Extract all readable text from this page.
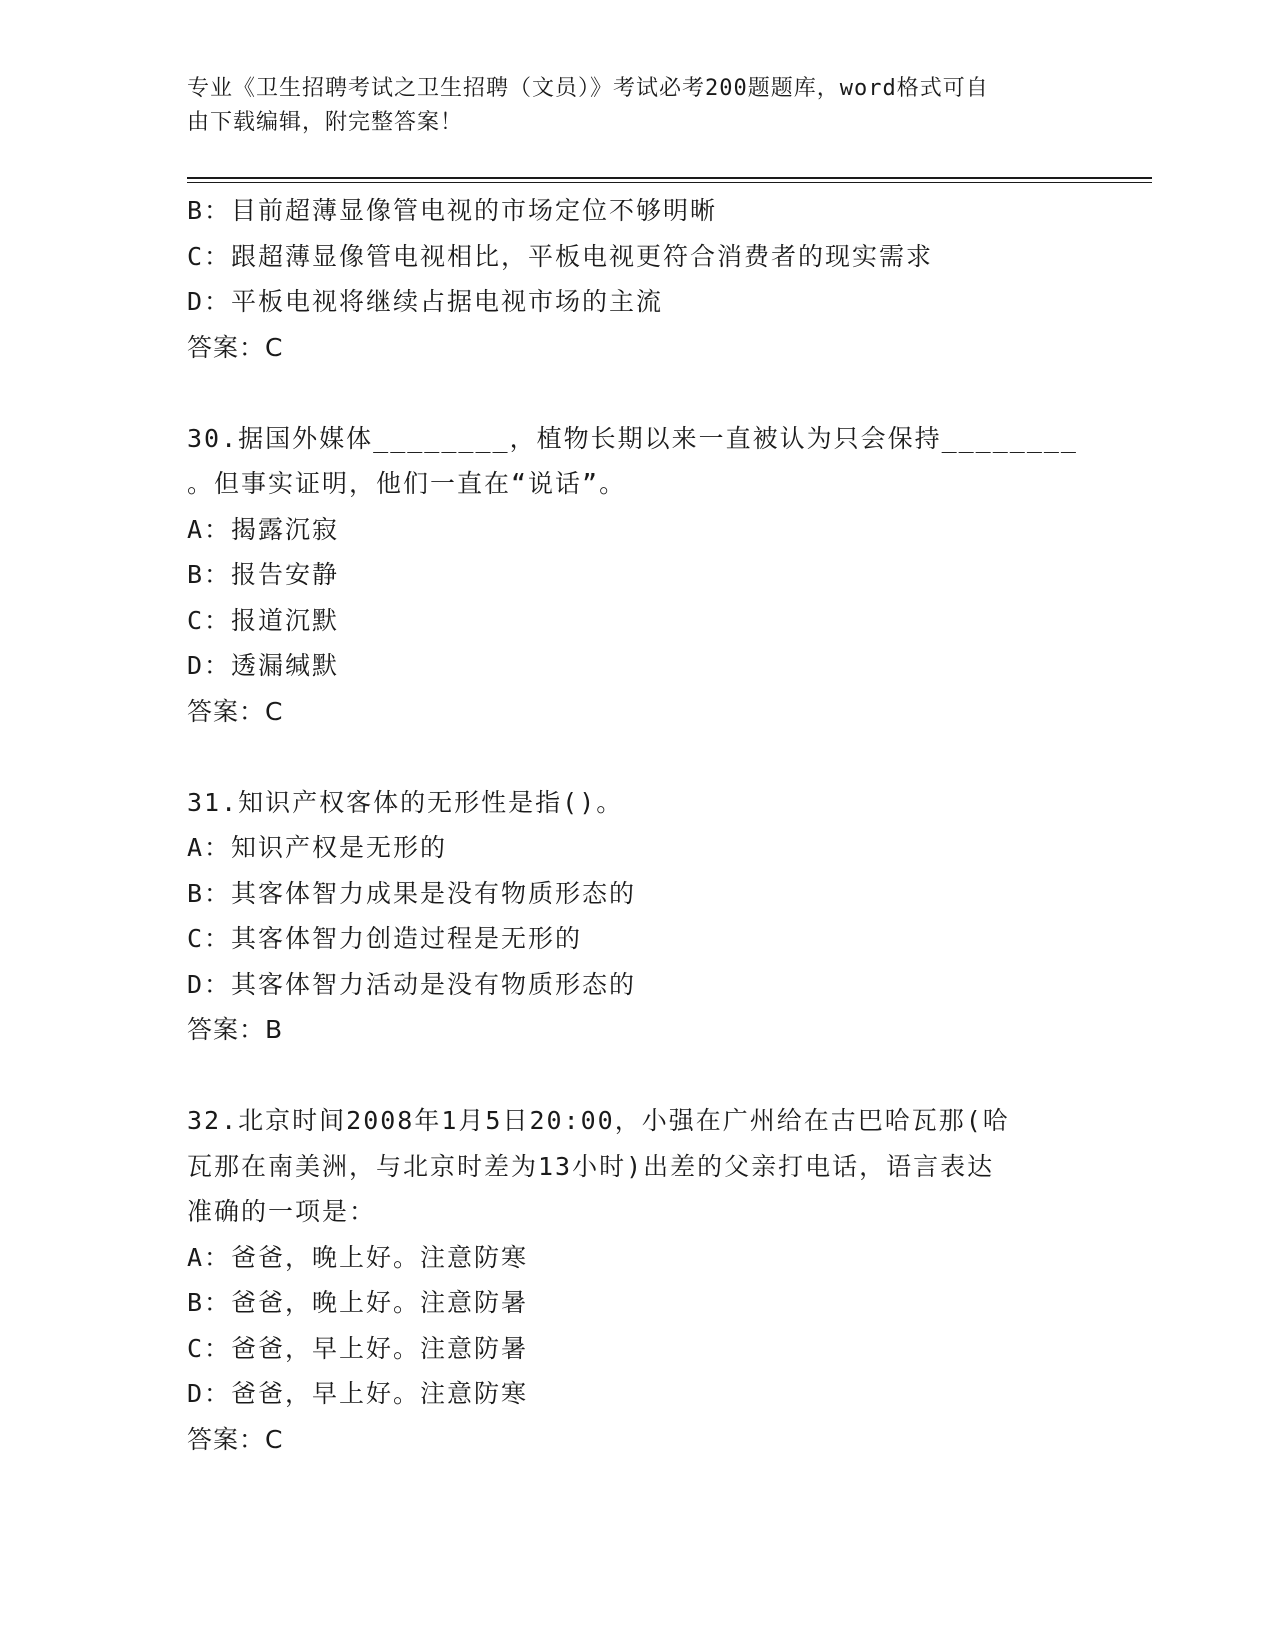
专业《卫生招聘考试之卫生招聘（文员）》考试必考200题题库，word格式可自
由下载编辑，附完整答案！
B：目前超薄显像管电视的市场定位不够明晰
C：跟超薄显像管电视相比，平板电视更符合消费者的现实需求
D：平板电视将继续占据电视市场的主流
答案：C
30.据国外媒体________，植物长期以来一直被认为只会保持________
。但事实证明，他们一直在“说话”。
A：揭露沉寂
B：报告安静
C：报道沉默
D：透漏缄默
答案：C
31.知识产权客体的无形性是指()。
A：知识产权是无形的
B：其客体智力成果是没有物质形态的
C：其客体智力创造过程是无形的
D：其客体智力活动是没有物质形态的
答案：B
32.北京时间2008年1月5日20:00，小强在广州给在古巴哈瓦那(哈
瓦那在南美洲，与北京时差为13小时)出差的父亲打电话，语言表达
准确的一项是：
A：爸爸，晚上好。注意防寒
B：爸爸，晚上好。注意防暑
C：爸爸，早上好。注意防暑
D：爸爸，早上好。注意防寒
答案：C
